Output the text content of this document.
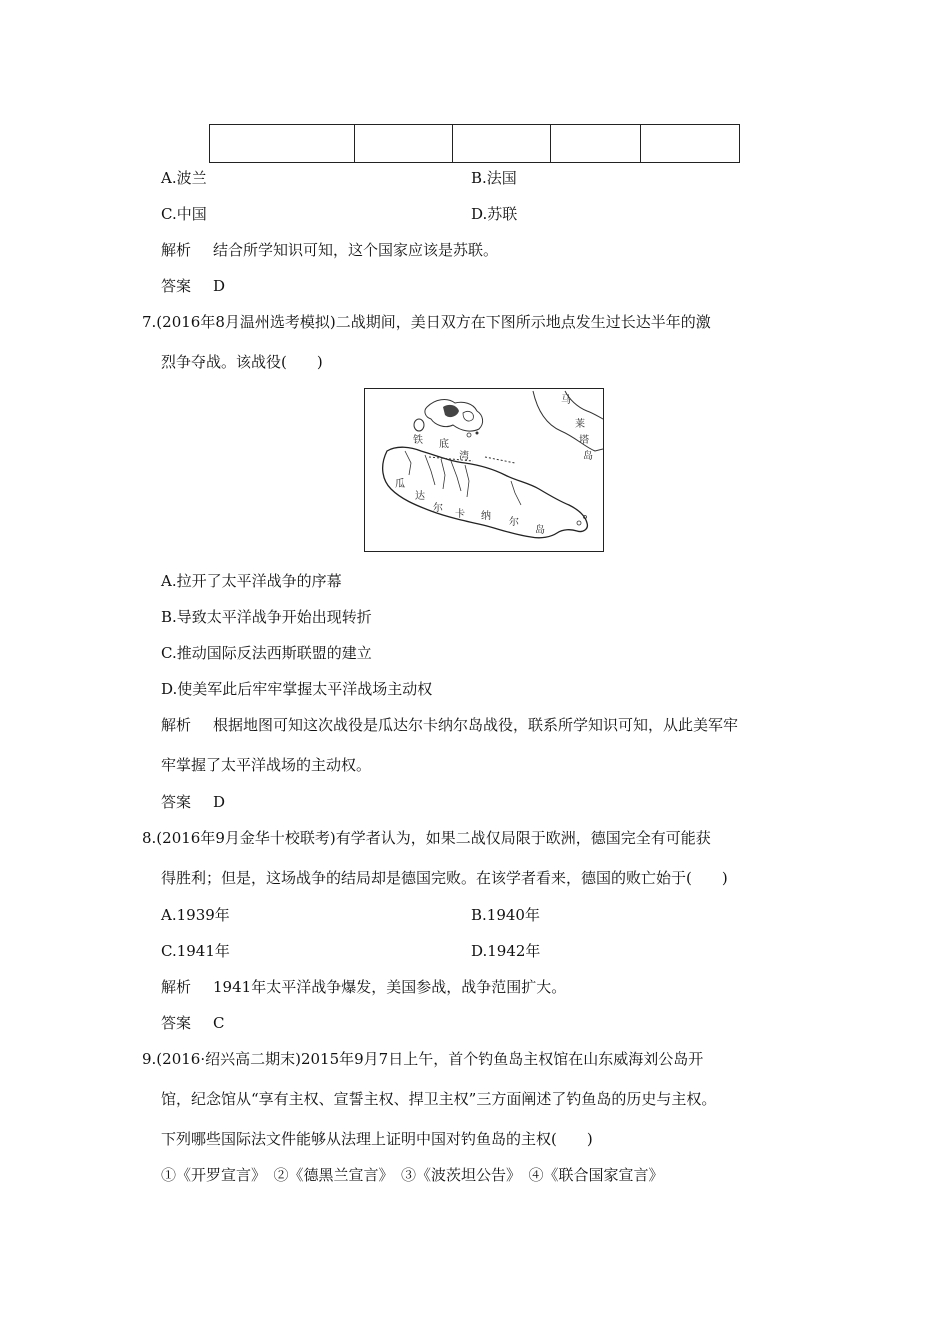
A.波兰	B.法国
C.中国	D.苏联
解析 结合所学知识可知，这个国家应该是苏联。
答案 D
7.(2016年8月温州选考模拟)二战期间，美日双方在下图所示地点发生过长达半年的激
烈争夺战。该战役(　　)
马
莱
塔
岛
铁 底
湾
瓜
达
尔
卡 纳
尔
岛
A.拉开了太平洋战争的序幕
B.导致太平洋战争开始出现转折
C.推动国际反法西斯联盟的建立
D.使美军此后牢牢掌握太平洋战场主动权
解析 根据地图可知这次战役是瓜达尔卡纳尔岛战役，联系所学知识可知，从此美军牢
牢掌握了太平洋战场的主动权。
答案 D
8.(2016年9月金华十校联考)有学者认为，如果二战仅局限于欧洲，德国完全有可能获
得胜利；但是，这场战争的结局却是德国完败。在该学者看来，德国的败亡始于(　　)
A.1939年	B.1940年
C.1941年	D.1942年
解析 1941年太平洋战争爆发，美国参战，战争范围扩大。
答案 C
9.(2016·绍兴高二期末)2015年9月7日上午，首个钓鱼岛主权馆在山东威海刘公岛开
馆，纪念馆从“享有主权、宣誓主权、捍卫主权”三方面阐述了钓鱼岛的历史与主权。
下列哪些国际法文件能够从法理上证明中国对钓鱼岛的主权(　　)
①《开罗宣言》　②《德黑兰宣言》　③《波茨坦公告》　④《联合国家宣言》
